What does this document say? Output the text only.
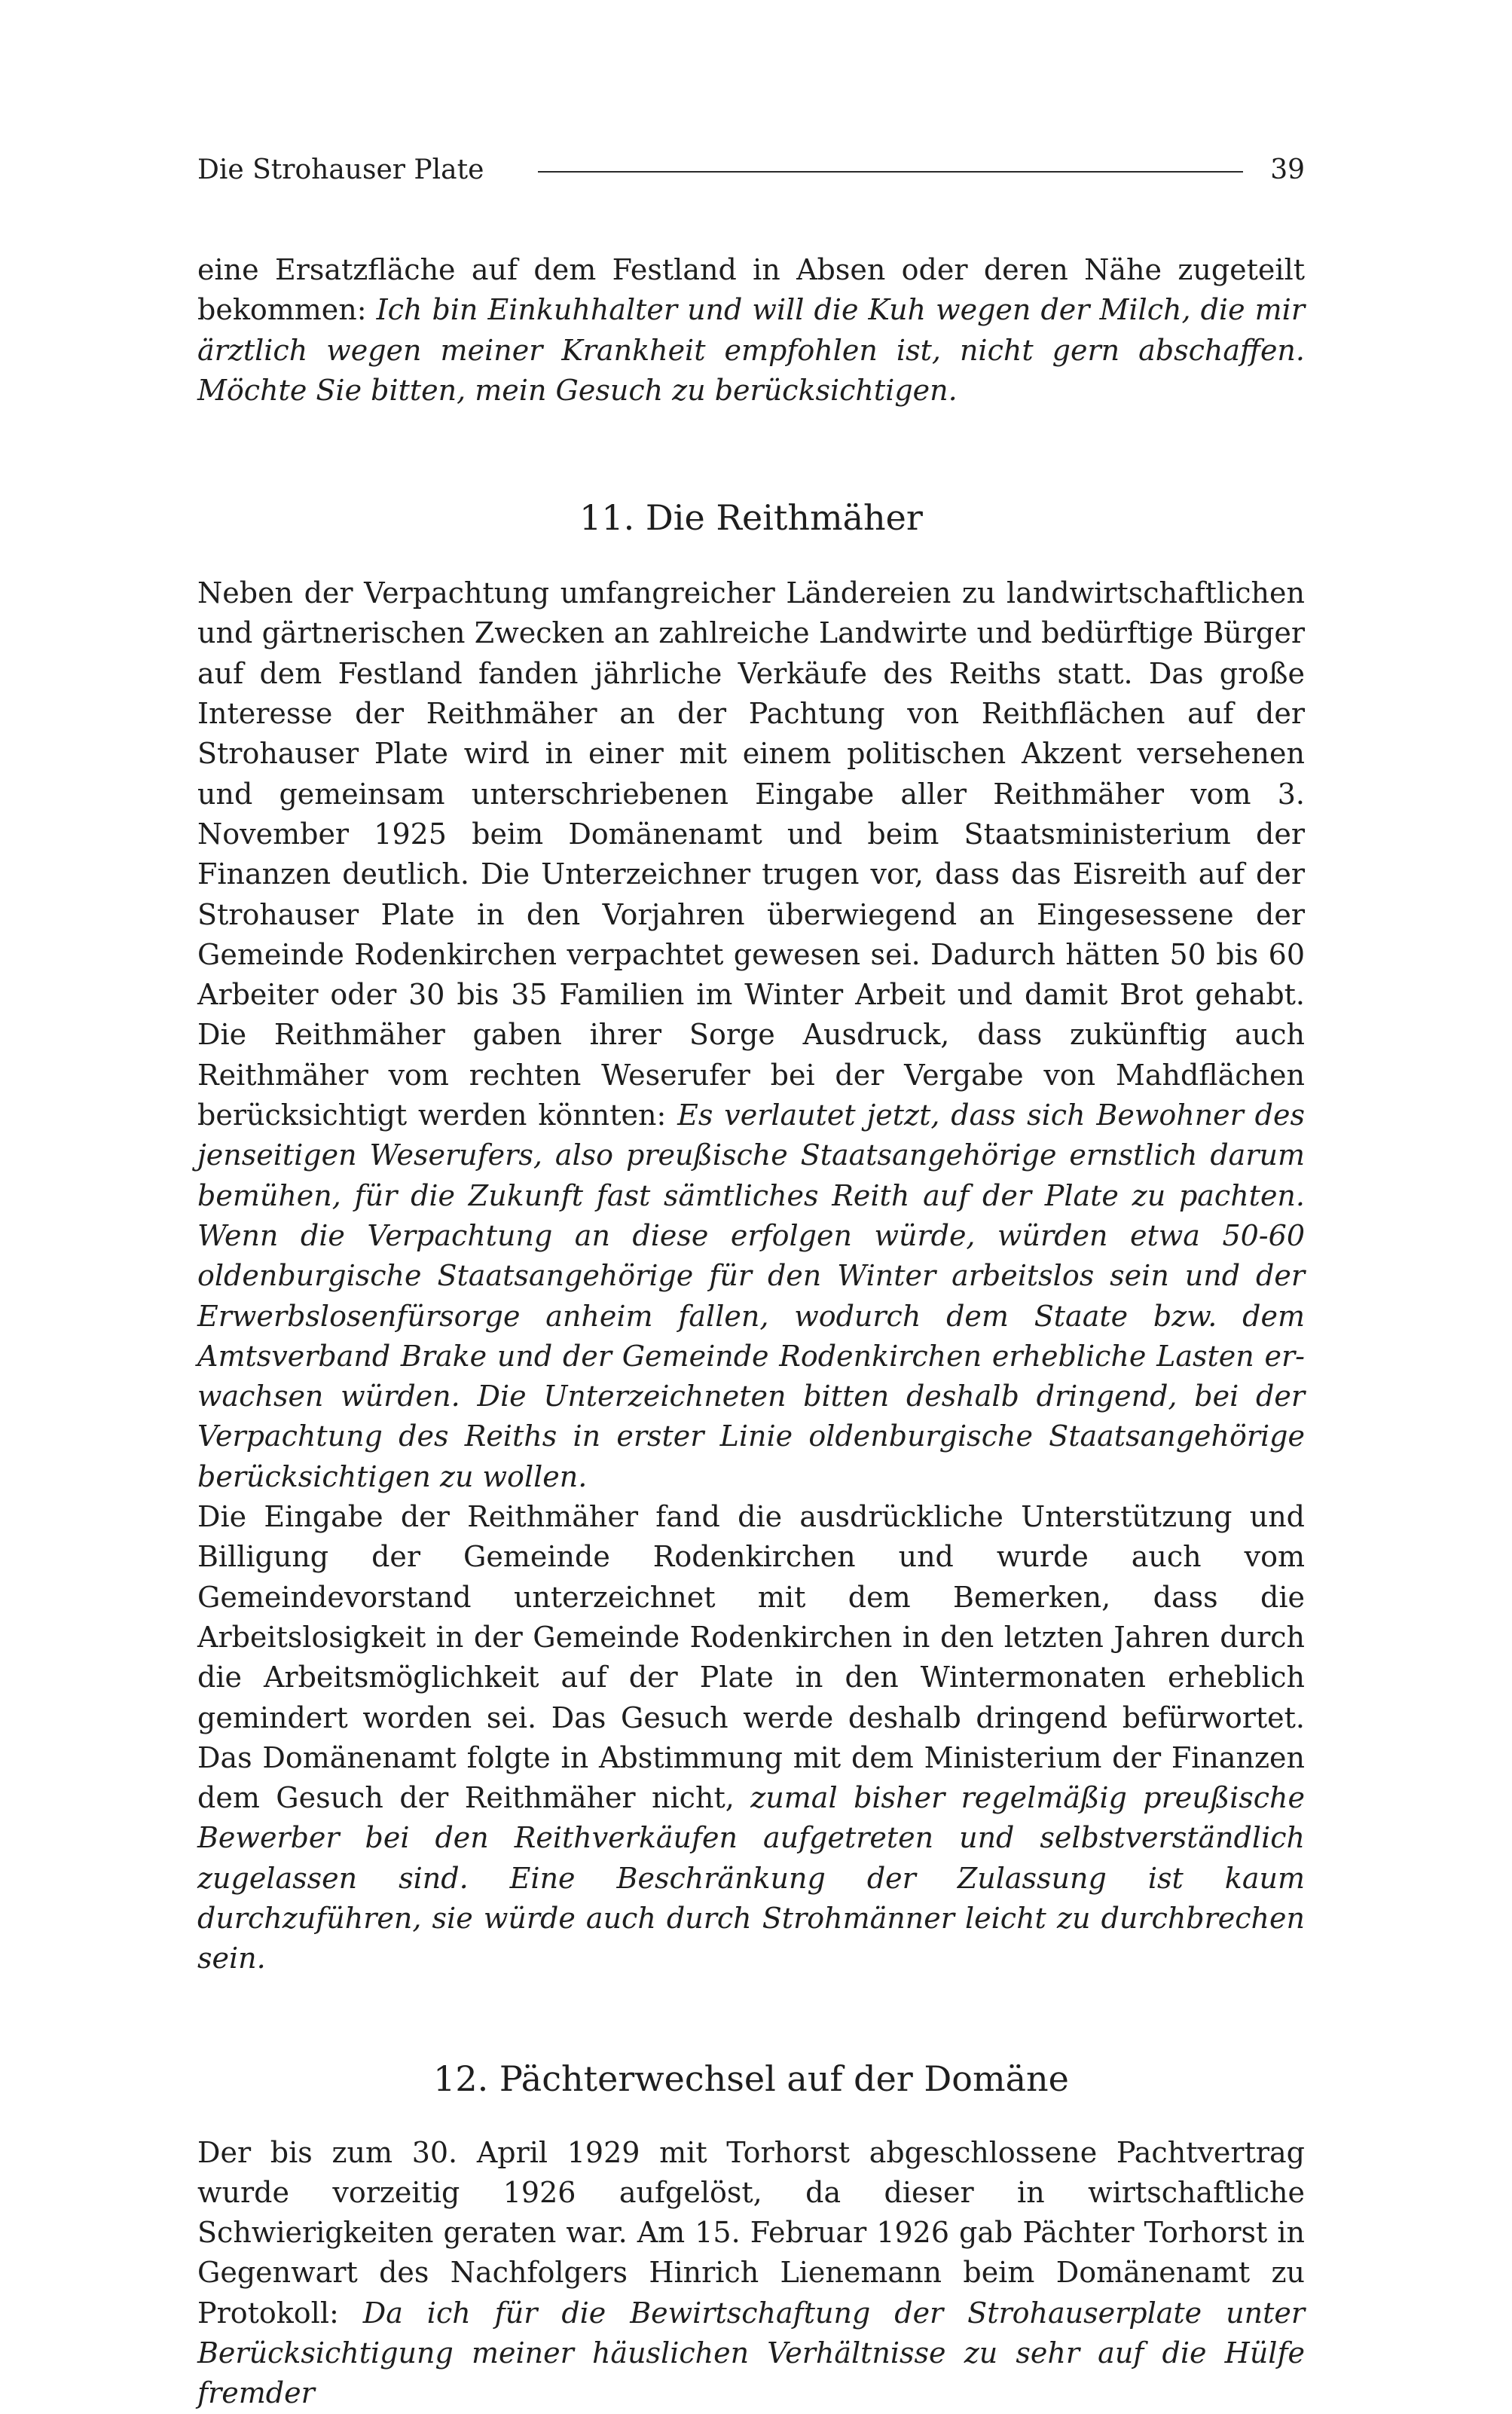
Die Strohauser Plate	39

eine Ersatzfläche auf dem Festland in Absen oder deren Nähe zugeteilt bekommen: Ich bin Einkuhhalter und will die Kuh wegen der Milch, die mir ärztlich wegen meiner Krankheit empfohlen ist, nicht gern abschaffen. Möchte Sie bitten, mein Gesuch zu berücksichtigen.

11. Die Reithmäher

Neben der Verpachtung umfangreicher Ländereien zu landwirtschaftlichen und gärtnerischen Zwecken an zahlreiche Landwirte und bedürftige Bürger auf dem Festland fanden jährliche Verkäufe des Reiths statt. Das große Interesse der Reithmäher an der Pachtung von Reithflächen auf der Strohauser Plate wird in einer mit einem politischen Akzent versehenen und gemeinsam unterschriebenen Eingabe aller Reithmäher vom 3. November 1925 beim Domänenamt und beim Staatsministerium der Finanzen deutlich. Die Unterzeichner trugen vor, dass das Eisreith auf der Strohauser Plate in den Vorjahren überwiegend an Eingesessene der Gemeinde Rodenkirchen verpachtet gewesen sei. Dadurch hätten 50 bis 60 Arbeiter oder 30 bis 35 Familien im Winter Arbeit und damit Brot gehabt. Die Reithmäher gaben ihrer Sorge Ausdruck, dass zukünftig auch Reithmäher vom rechten Weserufer bei der Vergabe von Mahdflächen berücksichtigt werden könnten: Es verlautet jetzt, dass sich Bewohner des jenseitigen Weserufers, also preußische Staatsangehörige ernstlich darum bemühen, für die Zukunft fast sämtliches Reith auf der Plate zu pachten. Wenn die Verpachtung an diese erfolgen würde, würden etwa 50-60 oldenburgische Staatsangehörige für den Winter arbeitslos sein und der Erwerbslosenfürsorge anheim fallen, wodurch dem Staate bzw. dem Amtsverband Brake und der Gemeinde Rodenkirchen erhebliche Lasten erwachsen würden. Die Unterzeichneten bitten deshalb dringend, bei der Verpachtung des Reiths in erster Linie oldenburgische Staatsangehörige berücksichtigen zu wollen.

Die Eingabe der Reithmäher fand die ausdrückliche Unterstützung und Billigung der Gemeinde Rodenkirchen und wurde auch vom Gemeindevorstand unterzeichnet mit dem Bemerken, dass die Arbeitslosigkeit in der Gemeinde Rodenkirchen in den letzten Jahren durch die Arbeitsmöglichkeit auf der Plate in den Wintermonaten erheblich gemindert worden sei. Das Gesuch werde deshalb dringend befürwortet. Das Domänenamt folgte in Abstimmung mit dem Ministerium der Finanzen dem Gesuch der Reithmäher nicht, zumal bisher regelmäßig preußische Bewerber bei den Reithverkäufen aufgetreten und selbstverständlich zugelassen sind. Eine Beschränkung der Zulassung ist kaum durchzuführen, sie würde auch durch Strohmänner leicht zu durchbrechen sein.

12. Pächterwechsel auf der Domäne

Der bis zum 30. April 1929 mit Torhorst abgeschlossene Pachtvertrag wurde vorzeitig 1926 aufgelöst, da dieser in wirtschaftliche Schwierigkeiten geraten war. Am 15. Februar 1926 gab Pächter Torhorst in Gegenwart des Nachfolgers Hinrich Lienemann beim Domänenamt zu Protokoll: Da ich für die Bewirtschaftung der Strohauserplate unter Berücksichtigung meiner häuslichen Verhältnisse zu sehr auf die Hülfe fremder
